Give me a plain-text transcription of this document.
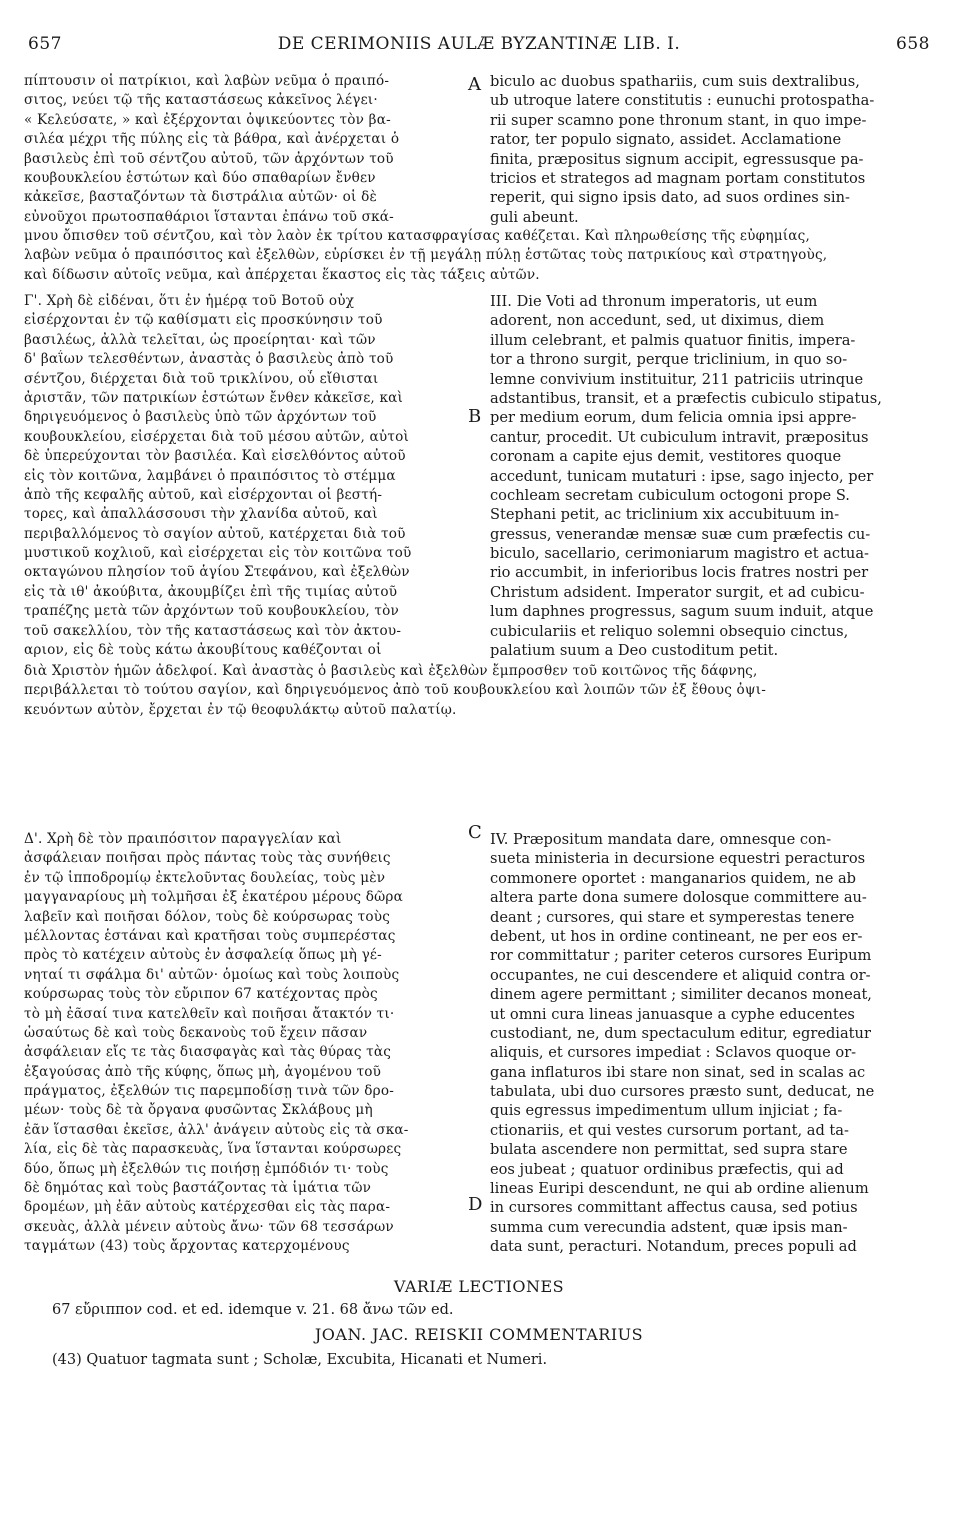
657	DE CERIMONIIS AULÆ BYZANTINÆ LIB. I.	658
A
B
C
D
πίπτουσιν οἱ πατρίκιοι, καὶ λαβὼν νεῦμα ὁ πραιπό-
σιτος, νεύει τῷ τῆς καταστάσεως κἀκεῖνος λέγει·
« Κελεύσατε, » καὶ ἐξέρχονται ὀψικεύοντες τὸν βα-
σιλέα μέχρι τῆς πύλης εἰς τὰ βάθρα, καὶ ἀνέρχεται ὁ
βασιλεὺς ἐπὶ τοῦ σέντζου αὐτοῦ, τῶν ἀρχόντων τοῦ
κουβουκλείου ἑστώτων καὶ δύο σπαθαρίων ἔνθεν
κἀκεῖσε, βασταζόντων τὰ διστράλια αὐτῶν· οἱ δὲ
εὐνοῦχοι πρωτοσπαθάριοι ἵστανται ἐπάνω τοῦ σκά-
biculo ac duobus spathariis, cum suis dextralibus,
ub utroque latere constitutis : eunuchi protospatha-
rii super scamno pone thronum stant, in quo impe-
rator, ter populo signato, assidet. Acclamatione
finita, præpositus signum accipit, egressusque pa-
tricios et strategos ad magnam portam constitutos
reperit, qui signo ipsis dato, ad suos ordines sin-
guli abeunt.
μνου ὄπισθεν τοῦ σέντζου, καὶ τὸν λαὸν ἐκ τρίτου κατασφραγίσας καθέζεται. Καὶ πληρωθείσης τῆς εὐφημίας,
λαβὼν νεῦμα ὁ πραιπόσιτος καὶ ἐξελθὼν, εὑρίσκει ἐν τῇ μεγάλῃ πύλῃ ἑστῶτας τοὺς πατρικίους καὶ στρατηγοὺς,
καὶ δίδωσιν αὐτοῖς νεῦμα, καὶ ἀπέρχεται ἕκαστος εἰς τὰς τάξεις αὐτῶν.
Γ'. Χρὴ δὲ εἰδέναι, ὅτι ἐν ἡμέρᾳ τοῦ Βοτοῦ οὐχ
εἰσέρχονται ἐν τῷ καθίσματι εἰς προσκύνησιν τοῦ
βασιλέως, ἀλλὰ τελεῖται, ὡς προείρηται· καὶ τῶν
δ' βαΐων τελεσθέντων, ἀναστὰς ὁ βασιλεὺς ἀπὸ τοῦ
σέντζου, διέρχεται διὰ τοῦ τρικλίνου, οὗ εἴθισται
ἀριστᾶν, τῶν πατρικίων ἑστώτων ἔνθεν κἀκεῖσε, καὶ
δηριγευόμενος ὁ βασιλεὺς ὑπὸ τῶν ἀρχόντων τοῦ
κουβουκλείου, εἰσέρχεται διὰ τοῦ μέσου αὐτῶν, αὐτοὶ
δὲ ὑπερεύχονται τὸν βασιλέα. Καὶ εἰσελθόντος αὐτοῦ
εἰς τὸν κοιτῶνα, λαμβάνει ὁ πραιπόσιτος τὸ στέμμα
ἀπὸ τῆς κεφαλῆς αὐτοῦ, καὶ εἰσέρχονται οἱ βεστή-
τορες, καὶ ἀπαλλάσσουσι τὴν χλανίδα αὐτοῦ, καὶ
περιβαλλόμενος τὸ σαγίον αὐτοῦ, κατέρχεται διὰ τοῦ
μυστικοῦ κοχλιοῦ, καὶ εἰσέρχεται εἰς τὸν κοιτῶνα τοῦ
οκταγώνου πλησίον τοῦ ἁγίου Στεφάνου, καὶ ἐξελθὼν
εἰς τὰ ιθ' ἀκούβιτα, ἀκουμβίζει ἐπὶ τῆς τιμίας αὐτοῦ
τραπέζης μετὰ τῶν ἀρχόντων τοῦ κουβουκλείου, τὸν
τοῦ σακελλίου, τὸν τῆς καταστάσεως καὶ τὸν ἀκτου-
αριον, εἰς δὲ τοὺς κάτω ἀκουβίτους καθέζονται οἱ
III. Die Voti ad thronum imperatoris, ut eum
adorent, non accedunt, sed, ut diximus, diem
illum celebrant, et palmis quatuor finitis, impera-
tor a throno surgit, perque triclinium, in quo so-
lemne convivium instituitur, 211 patriciis utrinque
adstantibus, transit, et a præfectis cubiculo stipatus,
per medium eorum, dum felicia omnia ipsi appre-
cantur, procedit. Ut cubiculum intravit, præpositus
coronam a capite ejus demit, vestitores quoque
accedunt, tunicam mutaturi : ipse, sago injecto, per
cochleam secretam cubiculum octogoni prope S.
Stephani petit, ac triclinium xix accubituum in-
gressus, venerandæ mensæ suæ cum præfectis cu-
biculo, sacellario, cerimoniarum magistro et actua-
rio accumbit, in inferioribus locis fratres nostri per
Christum adsident. Imperator surgit, et ad cubicu-
lum daphnes progressus, sagum suum induit, atque
cubiculariis et reliquo solemni obsequio cinctus,
palatium suum a Deo custoditum petit.
διὰ Χριστὸν ἡμῶν ἀδελφοί. Καὶ ἀναστὰς ὁ βασιλεὺς καὶ ἐξελθὼν ἔμπροσθεν τοῦ κοιτῶνος τῆς δάφνης,
περιβάλλεται τὸ τούτου σαγίον, καὶ δηριγευόμενος ἀπὸ τοῦ κουβουκλείου καὶ λοιπῶν τῶν ἐξ ἔθους ὀψι-
κευόντων αὐτὸν, ἔρχεται ἐν τῷ θεοφυλάκτῳ αὐτοῦ παλατίῳ.
Δ'. Χρὴ δὲ τὸν πραιπόσιτον παραγγελίαν καὶ
ἀσφάλειαν ποιῆσαι πρὸς πάντας τοὺς τὰς συνήθεις
ἐν τῷ ἱπποδρομίῳ ἐκτελοῦντας δουλείας, τοὺς μὲν
μαγγαναρίους μὴ τολμῆσαι ἐξ ἑκατέρου μέρους δῶρα
λαβεῖν καὶ ποιῆσαι δόλον, τοὺς δὲ κούρσωρας τοὺς
μέλλοντας ἑστάναι καὶ κρατῆσαι τοὺς συμπερέστας
πρὸς τὸ κατέχειν αὐτοὺς ἐν ἀσφαλείᾳ ὅπως μὴ γέ-
νηταί τι σφάλμα δι' αὐτῶν· ὁμοίως καὶ τοὺς λοιποὺς
κούρσωρας τοὺς τὸν εὔριπον 67 κατέχοντας πρὸς
τὸ μὴ ἐᾶσαί τινα κατελθεῖν καὶ ποιῆσαι ἄτακτόν τι·
ὡσαύτως δὲ καὶ τοὺς δεκανοὺς τοῦ ἔχειν πᾶσαν
ἀσφάλειαν εἴς τε τὰς διασφαγὰς καὶ τὰς θύρας τὰς
ἐξαγούσας ἀπὸ τῆς κύφης, ὅπως μὴ, ἀγομένου τοῦ
πράγματος, ἐξελθών τις παρεμποδίσῃ τινὰ τῶν δρο-
μέων· τοὺς δὲ τὰ ὄργανα φυσῶντας Σκλάβους μὴ
ἐᾶν ἵστασθαι ἐκεῖσε, ἀλλ' ἀνάγειν αὐτοὺς εἰς τὰ σκα-
λία, εἰς δὲ τὰς παρασκευὰς, ἵνα ἵστανται κούρσωρες
δύο, ὅπως μὴ ἐξελθών τις ποιήσῃ ἐμπόδιόν τι· τοὺς
δὲ δημότας καὶ τοὺς βαστάζοντας τὰ ἱμάτια τῶν
δρομέων, μὴ ἐᾶν αὐτοὺς κατέρχεσθαι εἰς τὰς παρα-
σκευὰς, ἀλλὰ μένειν αὐτοὺς ἄνω· τῶν 68 τεσσάρων
ταγμάτων (43) τοὺς ἄρχοντας κατερχομένους
IV. Præpositum mandata dare, omnesque con-
sueta ministeria in decursione equestri peracturos
commonere oportet : manganarios quidem, ne ab
altera parte dona sumere dolosque committere au-
deant ; cursores, qui stare et symperestas tenere
debent, ut hos in ordine contineant, ne per eos er-
ror committatur ; pariter ceteros cursores Euripum
occupantes, ne cui descendere et aliquid contra or-
dinem agere permittant ; similiter decanos moneat,
ut omni cura lineas januasque a cyphe educentes
custodiant, ne, dum spectaculum editur, egrediatur
aliquis, et cursores impediat : Sclavos quoque or-
gana inflaturos ibi stare non sinat, sed in scalas ac
tabulata, ubi duo cursores præsto sunt, deducat, ne
quis egressus impedimentum ullum injiciat ; fa-
ctionariis, et qui vestes cursorum portant, ad ta-
bulata ascendere non permittat, sed supra stare
eos jubeat ; quatuor ordinibus præfectis, qui ad
lineas Euripi descendunt, ne qui ab ordine alienum
in cursores committant affectus causa, sed potius
summa cum verecundia adstent, quæ ipsis man-
data sunt, peracturi. Notandum, preces populi ad
VARIÆ LECTIONES
67 εὔριππον cod. et ed. idemque v. 21. 68 ἄνω τῶν ed.
JOAN. JAC. REISKII COMMENTARIUS
(43) Quatuor tagmata sunt ; Scholæ, Excubita, Hicanati et Numeri.
